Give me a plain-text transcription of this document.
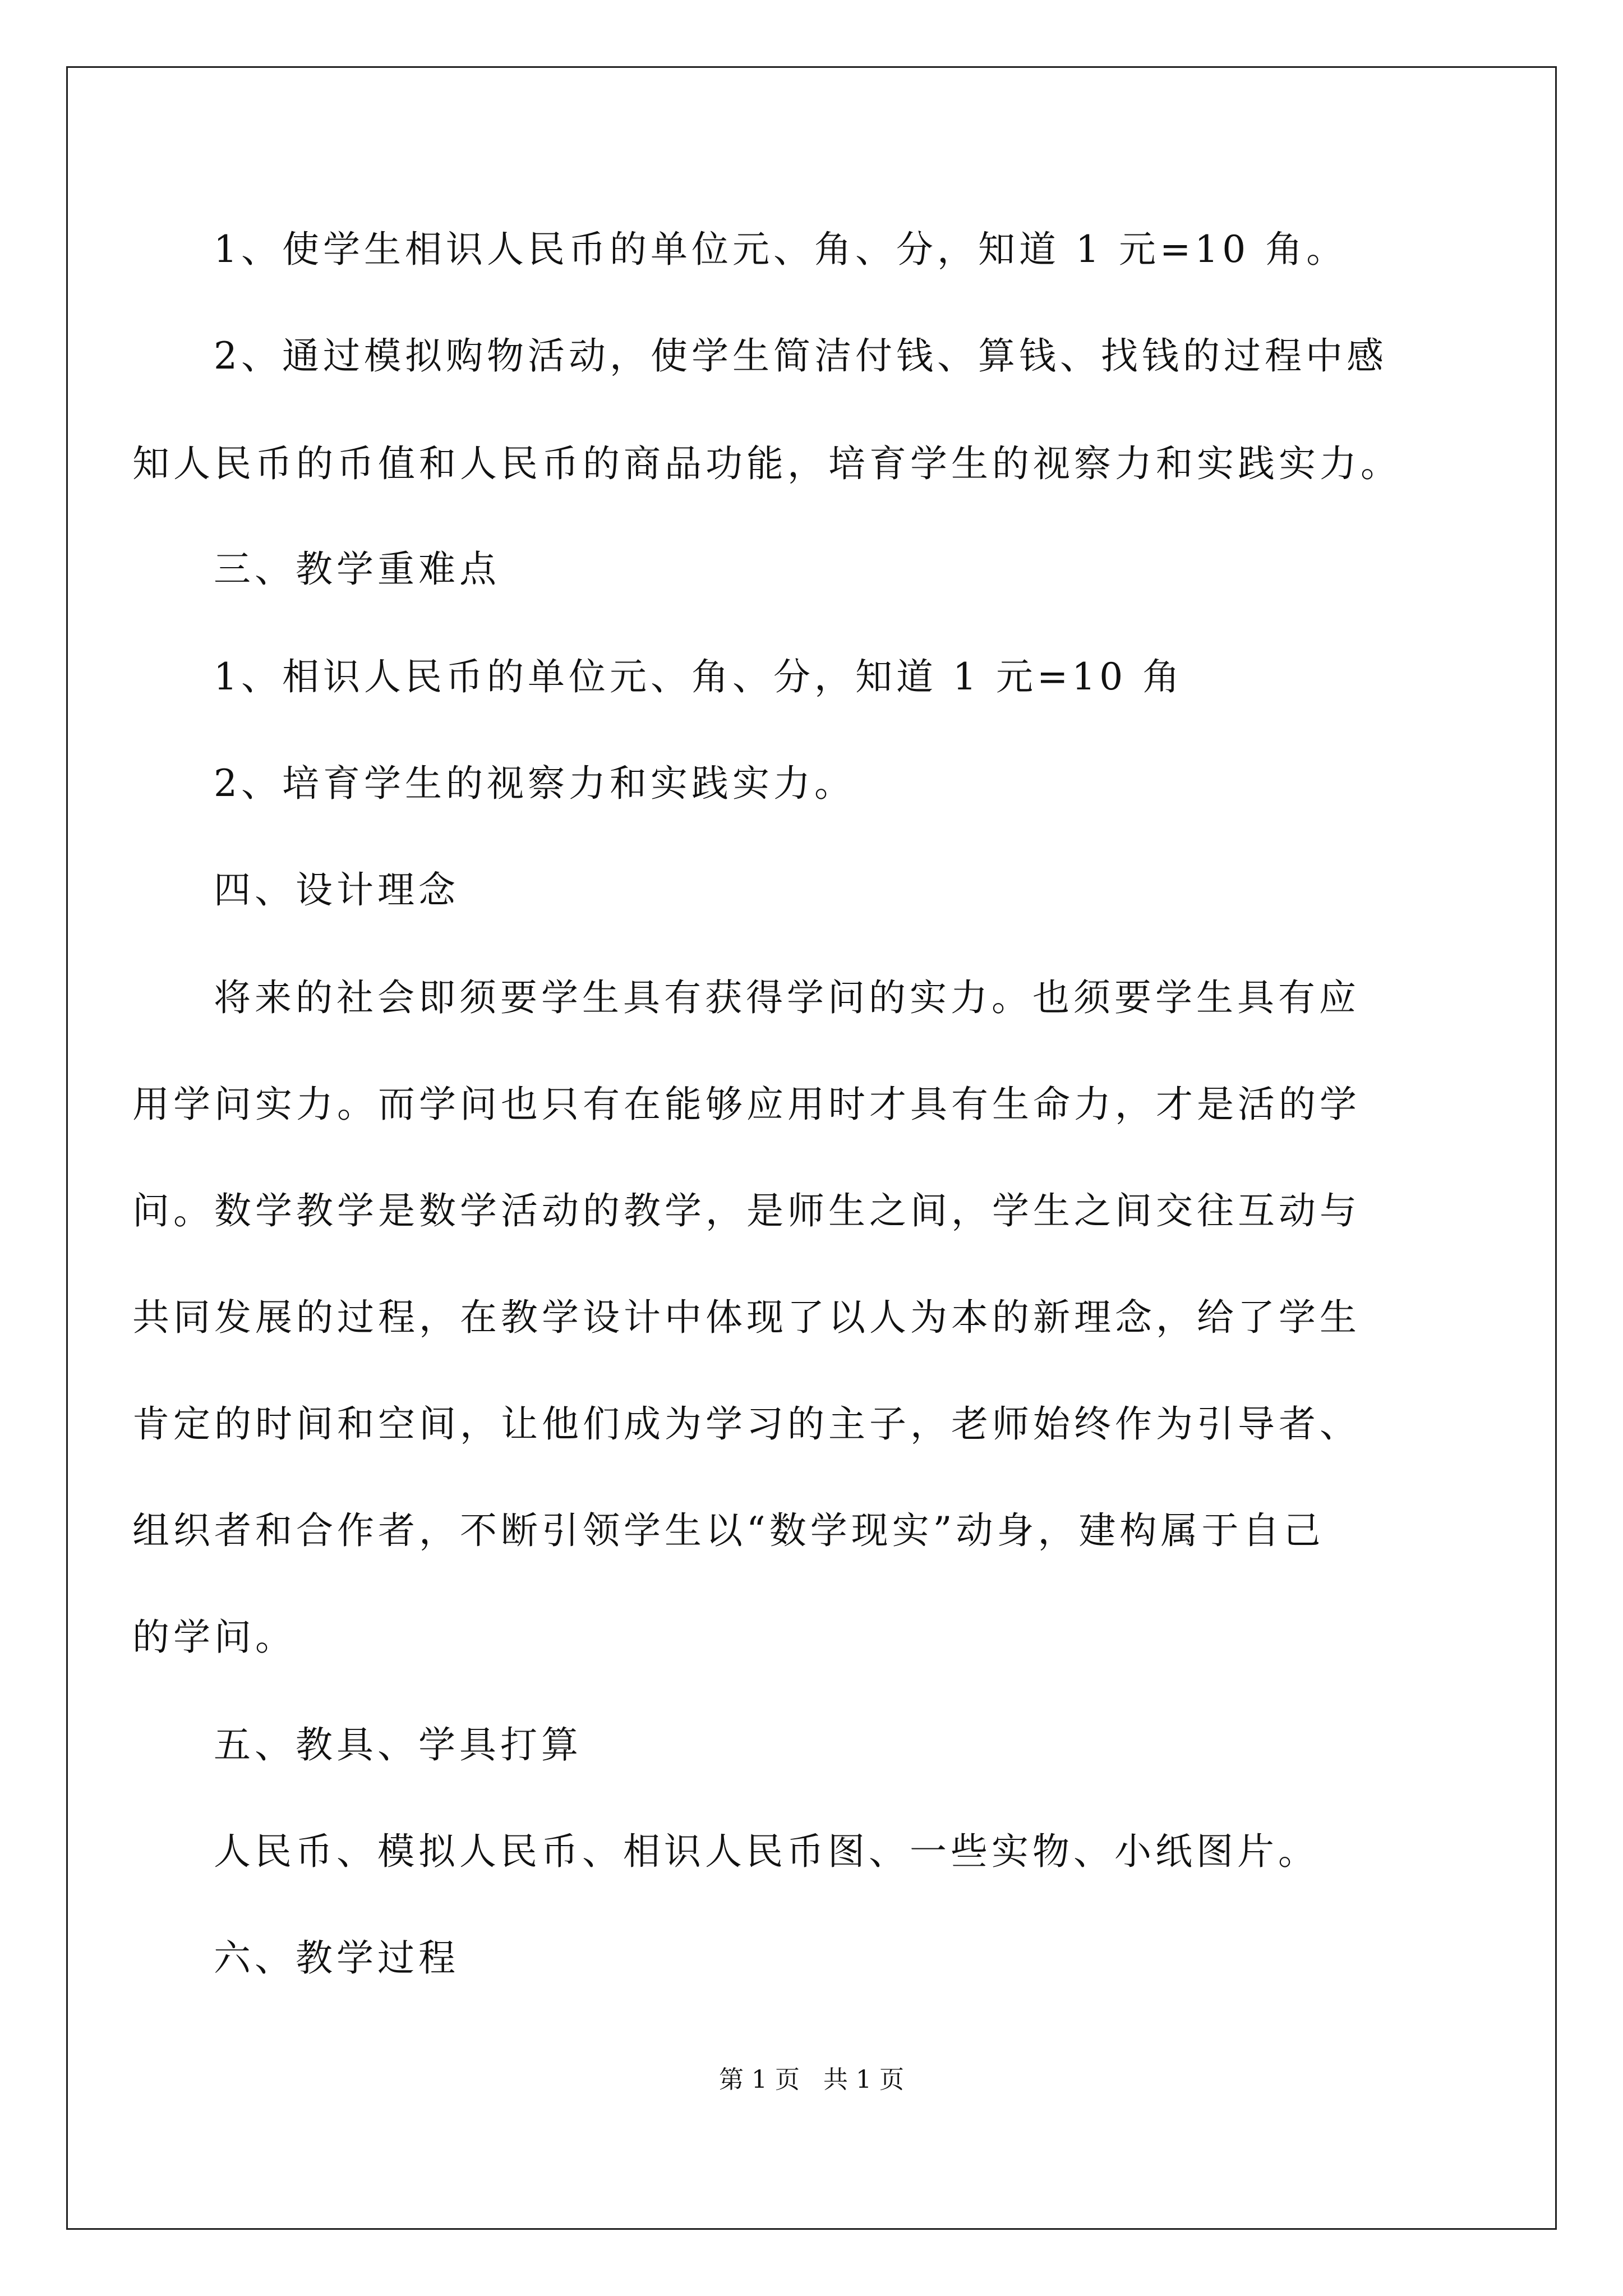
1、使学生相识人民币的单位元、角、分，知道 1 元=10 角。
2、通过模拟购物活动，使学生简洁付钱、算钱、找钱的过程中感
知人民币的币值和人民币的商品功能，培育学生的视察力和实践实力。
三、教学重难点
1、相识人民币的单位元、角、分，知道 1 元=10 角
2、培育学生的视察力和实践实力。
四、设计理念
将来的社会即须要学生具有获得学问的实力。也须要学生具有应
用学问实力。而学问也只有在能够应用时才具有生命力，才是活的学
问。数学教学是数学活动的教学，是师生之间，学生之间交往互动与
共同发展的过程，在教学设计中体现了以人为本的新理念，给了学生
肯定的时间和空间，让他们成为学习的主子，老师始终作为引导者、
组织者和合作者，不断引领学生以“数学现实”动身，建构属于自己
的学问。
五、教具、学具打算
人民币、模拟人民币、相识人民币图、一些实物、小纸图片。
六、教学过程
第 1 页   共 1 页
